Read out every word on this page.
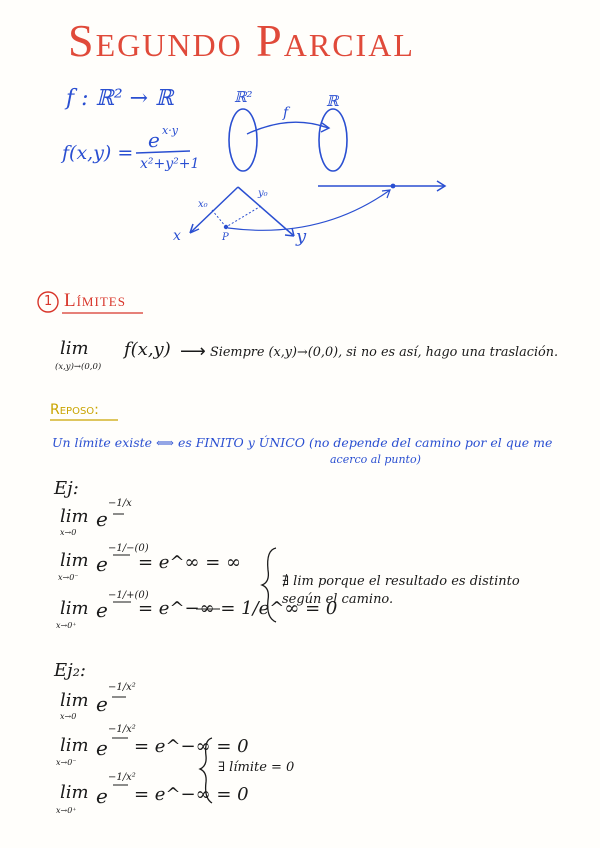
Segundo Parcial
f : ℝ² → ℝ
f(x,y) =
e x·y
x²+y²+1
ℝ²	ℝ
f
x₀
y₀
x	y
P
1 Límites
lim
(x,y)→(0,0)
f(x,y) ⟶ Siempre (x,y)→(0,0), si no es así, hago una traslación.
Reposo:
Un límite existe ⟺ es FINITO y ÚNICO (no depende del camino por el que me
acerco al punto)
Ej:
lim
x→0
e
−1/x
lim
x→0⁻
e
−1/−(0)
= e^∞ = ∞
lim
x→0⁺
e
−1/+(0)
= e^−∞ = 1/e^∞ = 0
∄ lim porque el resultado es distinto
según el camino.
Ej₂:
lim
x→0
e
−1/x²
lim
x→0⁻
e
−1/x²
= e^−∞ = 0
lim
x→0⁺
e
−1/x²
= e^−∞ = 0
∃ límite = 0
